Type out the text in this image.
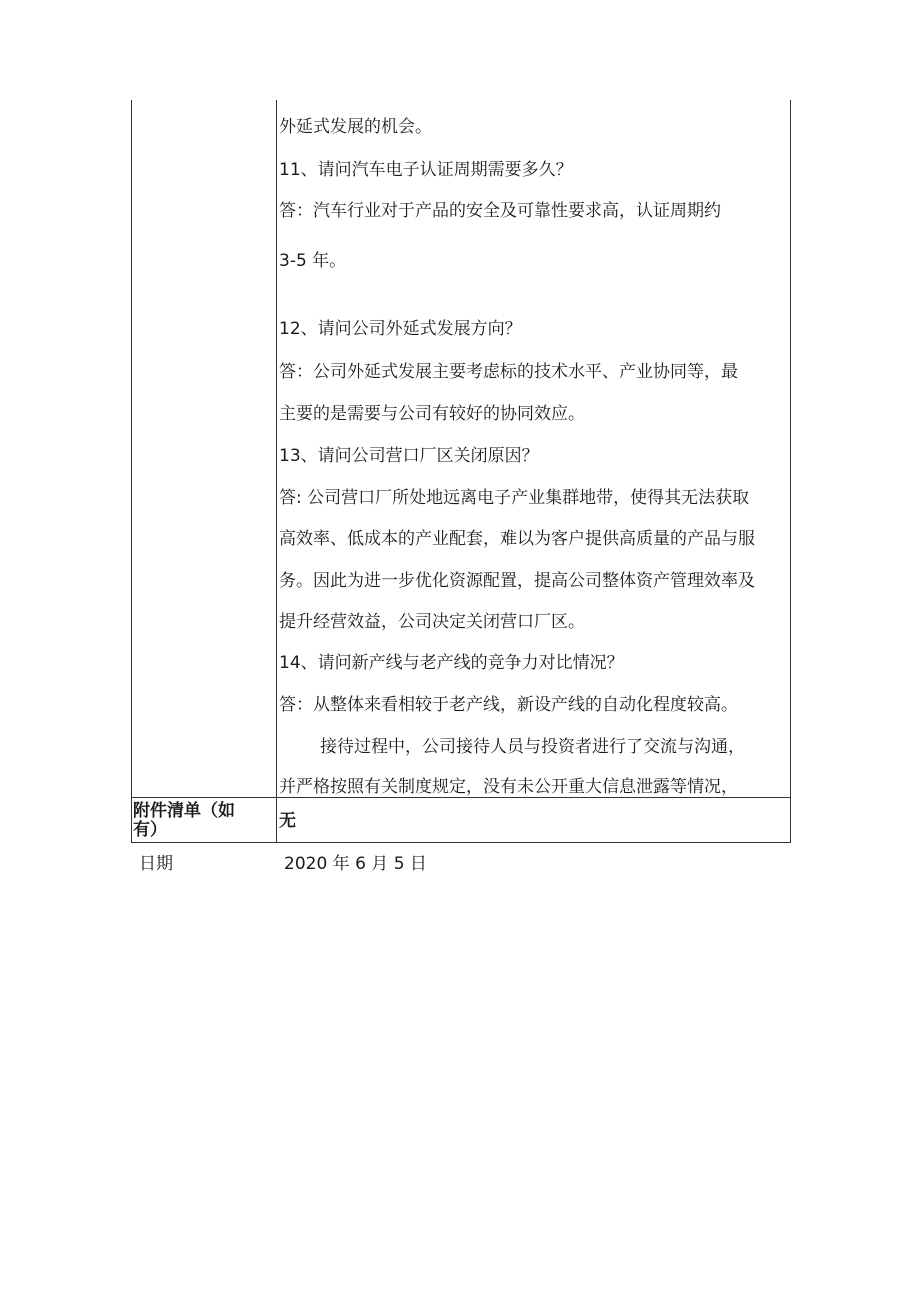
外延式发展的机会。
11、请问汽车电子认证周期需要多久？
答：汽车行业对于产品的安全及可靠性要求高，认证周期约
3-5 年。
12、请问公司外延式发展方向？
答：公司外延式发展主要考虑标的技术水平、产业协同等，最
主要的是需要与公司有较好的协同效应。
13、请问公司营口厂区关闭原因？
答: 公司营口厂所处地远离电子产业集群地带，使得其无法获取
高效率、低成本的产业配套，难以为客户提供高质量的产品与服
务。因此为进一步优化资源配置，提高公司整体资产管理效率及
提升经营效益，公司决定关闭营口厂区。
14、请问新产线与老产线的竞争力对比情况？
答：从整体来看相较于老产线，新设产线的自动化程度较高。
接待过程中，公司接待人员与投资者进行了交流与沟通，
并严格按照有关制度规定，没有未公开重大信息泄露等情况，
附件清单（如
有）	无
日期	2020 年 6 月 5 日
